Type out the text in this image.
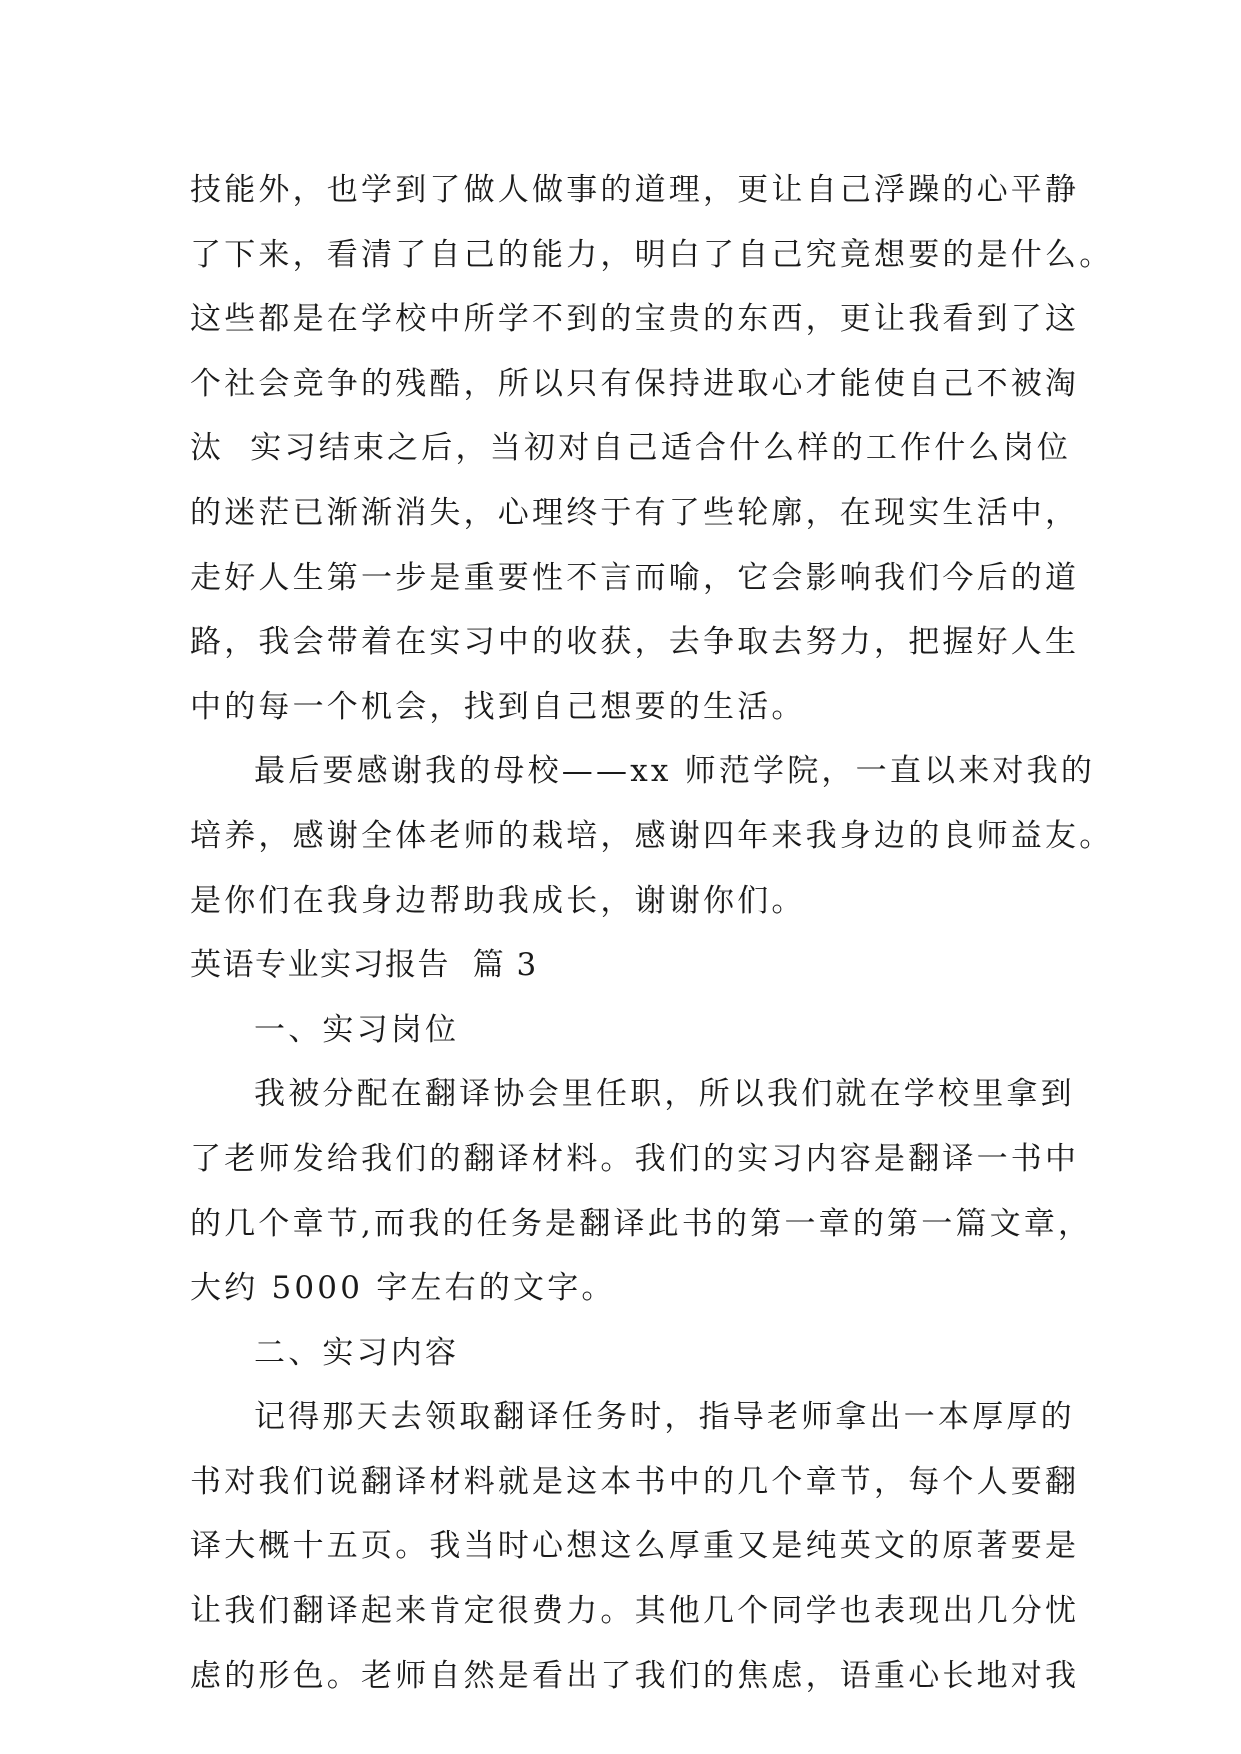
技能外，也学到了做人做事的道理，更让自己浮躁的心平静
了下来，看清了自己的能力，明白了自己究竟想要的是什么。
这些都是在学校中所学不到的宝贵的东西，更让我看到了这
个社会竞争的残酷，所以只有保持进取心才能使自己不被淘
汰  实习结束之后，当初对自己适合什么样的工作什么岗位
的迷茫已渐渐消失，心理终于有了些轮廓，在现实生活中，
走好人生第一步是重要性不言而喻，它会影响我们今后的道
路，我会带着在实习中的收获，去争取去努力，把握好人生
中的每一个机会，找到自己想要的生活。
最后要感谢我的母校——xx 师范学院，一直以来对我的
培养，感谢全体老师的栽培，感谢四年来我身边的良师益友。
是你们在我身边帮助我成长，谢谢你们。
英语专业实习报告  篇 3
一、实习岗位
我被分配在翻译协会里任职，所以我们就在学校里拿到
了老师发给我们的翻译材料。我们的实习内容是翻译一书中
的几个章节,而我的任务是翻译此书的第一章的第一篇文章，
大约 5000 字左右的文字。
二、实习内容
记得那天去领取翻译任务时，指导老师拿出一本厚厚的
书对我们说翻译材料就是这本书中的几个章节，每个人要翻
译大概十五页。我当时心想这么厚重又是纯英文的原著要是
让我们翻译起来肯定很费力。其他几个同学也表现出几分忧
虑的形色。老师自然是看出了我们的焦虑，语重心长地对我
